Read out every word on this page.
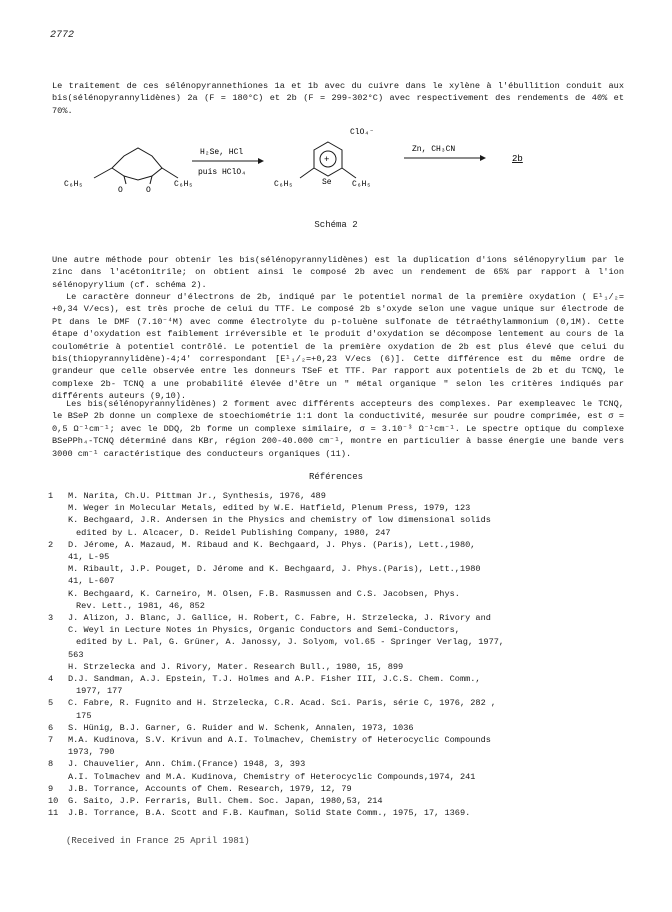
2772
Le traitement de ces sélénopyrannethiones 1a et 1b avec du cuivre dans le xylène à l'ébullition conduit aux bis(sélénopyrannylidènes) 2a (F = 180°C) et 2b (F = 299-302°C) avec respectivement des rendements de 40% et 70%.
O	O
C₆H₅	C₆H₅
H₂Se, HCl
puis HClO₄
+
Se
C₆H₅	C₆H₅
ClO₄⁻
Zn, CH₃CN
2b
Schéma 2
Une autre méthode pour obtenir les bis(sélénopyrannylidènes) est la duplication d'ions sélénopyrylium par le zinc dans l'acétonitrile; on obtient ainsi le composé 2b avec un rendement de 65% par rapport à l'ion sélénopyrylium (cf. schéma 2).
Le caractère donneur d'électrons de 2b, indiqué par le potentiel normal de la première oxydation ( E¹₁/₂= +0,34 V/ecs), est très proche de celui du TTF. Le composé 2b s'oxyde selon une vague unique sur électrode de Pt dans le DMF (7.10⁻⁴M) avec comme électrolyte du p-toluène sulfonate de tétraéthylammonium (0,1M). Cette étape d'oxydation est faiblement irréversible et le produit d'oxydation se décompose lentement au cours de la coulométrie à potentiel contrôlé. Le potentiel de la première oxydation de 2b est plus élevé que celui du bis(thiopyrannylidène)-4;4' correspondant [E¹₁/₂=+0,23 V/ecs (6)]. Cette différence est du même ordre de grandeur que celle observée entre les donneurs TSeF et TTF. Par rapport aux potentiels de 2b et du TCNQ, le complexe 2b- TCNQ a une probabilité élevée d'être un " métal organique " selon les critères indiqués par différents auteurs (9,10).
Les bis(sélénopyrannylidènes) 2 forment avec différents accepteurs des complexes. Par exempleavec le TCNQ, le BSeP 2b donne un complexe de stoechiométrie 1:1 dont la conductivité, mesurée sur poudre comprimée, est σ = 0,5 Ω⁻¹cm⁻¹; avec le DDQ, 2b forme un complexe similaire, σ = 3.10⁻³ Ω⁻¹cm⁻¹. Le spectre optique du complexe BSePPh₄-TCNQ déterminé dans KBr, région 200-40.000 cm⁻¹, montre en particulier à basse énergie une bande vers 3000 cm⁻¹ caractéristique des conducteurs organiques (11).
Références
1	M. Narita, Ch.U. Pittman Jr., Synthesis, 1976, 489
M. Weger in Molecular Metals, edited by W.E. Hatfield, Plenum Press, 1979, 123
K. Bechgaard, J.R. Andersen in the Physics and chemistry of low dimensional solids
edited by L. Alcacer, D. Reidel Publishing Company, 1980, 247
2	D. Jérome, A. Mazaud, M. Ribaud and K. Bechgaard, J. Phys. (Paris), Lett.,1980,
41, L-95
M. Ribault, J.P. Pouget, D. Jérome and K. Bechgaard, J. Phys.(Paris), Lett.,1980
41, L-607
K. Bechgaard, K. Carneiro, M. Olsen, F.B. Rasmussen and C.S. Jacobsen, Phys.
Rev. Lett., 1981, 46, 852
3	J. Alizon, J. Blanc, J. Gallice, H. Robert, C. Fabre, H. Strzelecka, J. Rivory and
C. Weyl in Lecture Notes in Physics, Organic Conductors and Semi-Conductors,
edited by L. Pal, G. Grüner, A. Janossy, J. Solyom, vol.65 - Springer Verlag, 1977,
563
H. Strzelecka and J. Rivory, Mater. Research Bull., 1980, 15, 899
4	D.J. Sandman, A.J. Epstein, T.J. Holmes and A.P. Fisher III, J.C.S. Chem. Comm.,
1977, 177
5	C. Fabre, R. Fugnito and H. Strzelecka, C.R. Acad. Sci. Paris, série C, 1976, 282 ,
175
6	S. Hünig, B.J. Garner, G. Ruider and W. Schenk, Annalen, 1973, 1036
7	M.A. Kudinova, S.V. Krivun and A.I. Tolmachev, Chemistry of Heterocyclic Compounds
1973, 790
8	J. Chauvelier, Ann. Chim.(France) 1948, 3, 393
A.I. Tolmachev and M.A. Kudinova, Chemistry of Heterocyclic Compounds,1974, 241
9	J.B. Torrance, Accounts of Chem. Research, 1979, 12, 79
10	G. Saito, J.P. Ferraris, Bull. Chem. Soc. Japan, 1980,53, 214
11	J.B. Torrance, B.A. Scott and F.B. Kaufman, Solid State Comm., 1975, 17, 1369.
(Received in France 25 April 1981)
